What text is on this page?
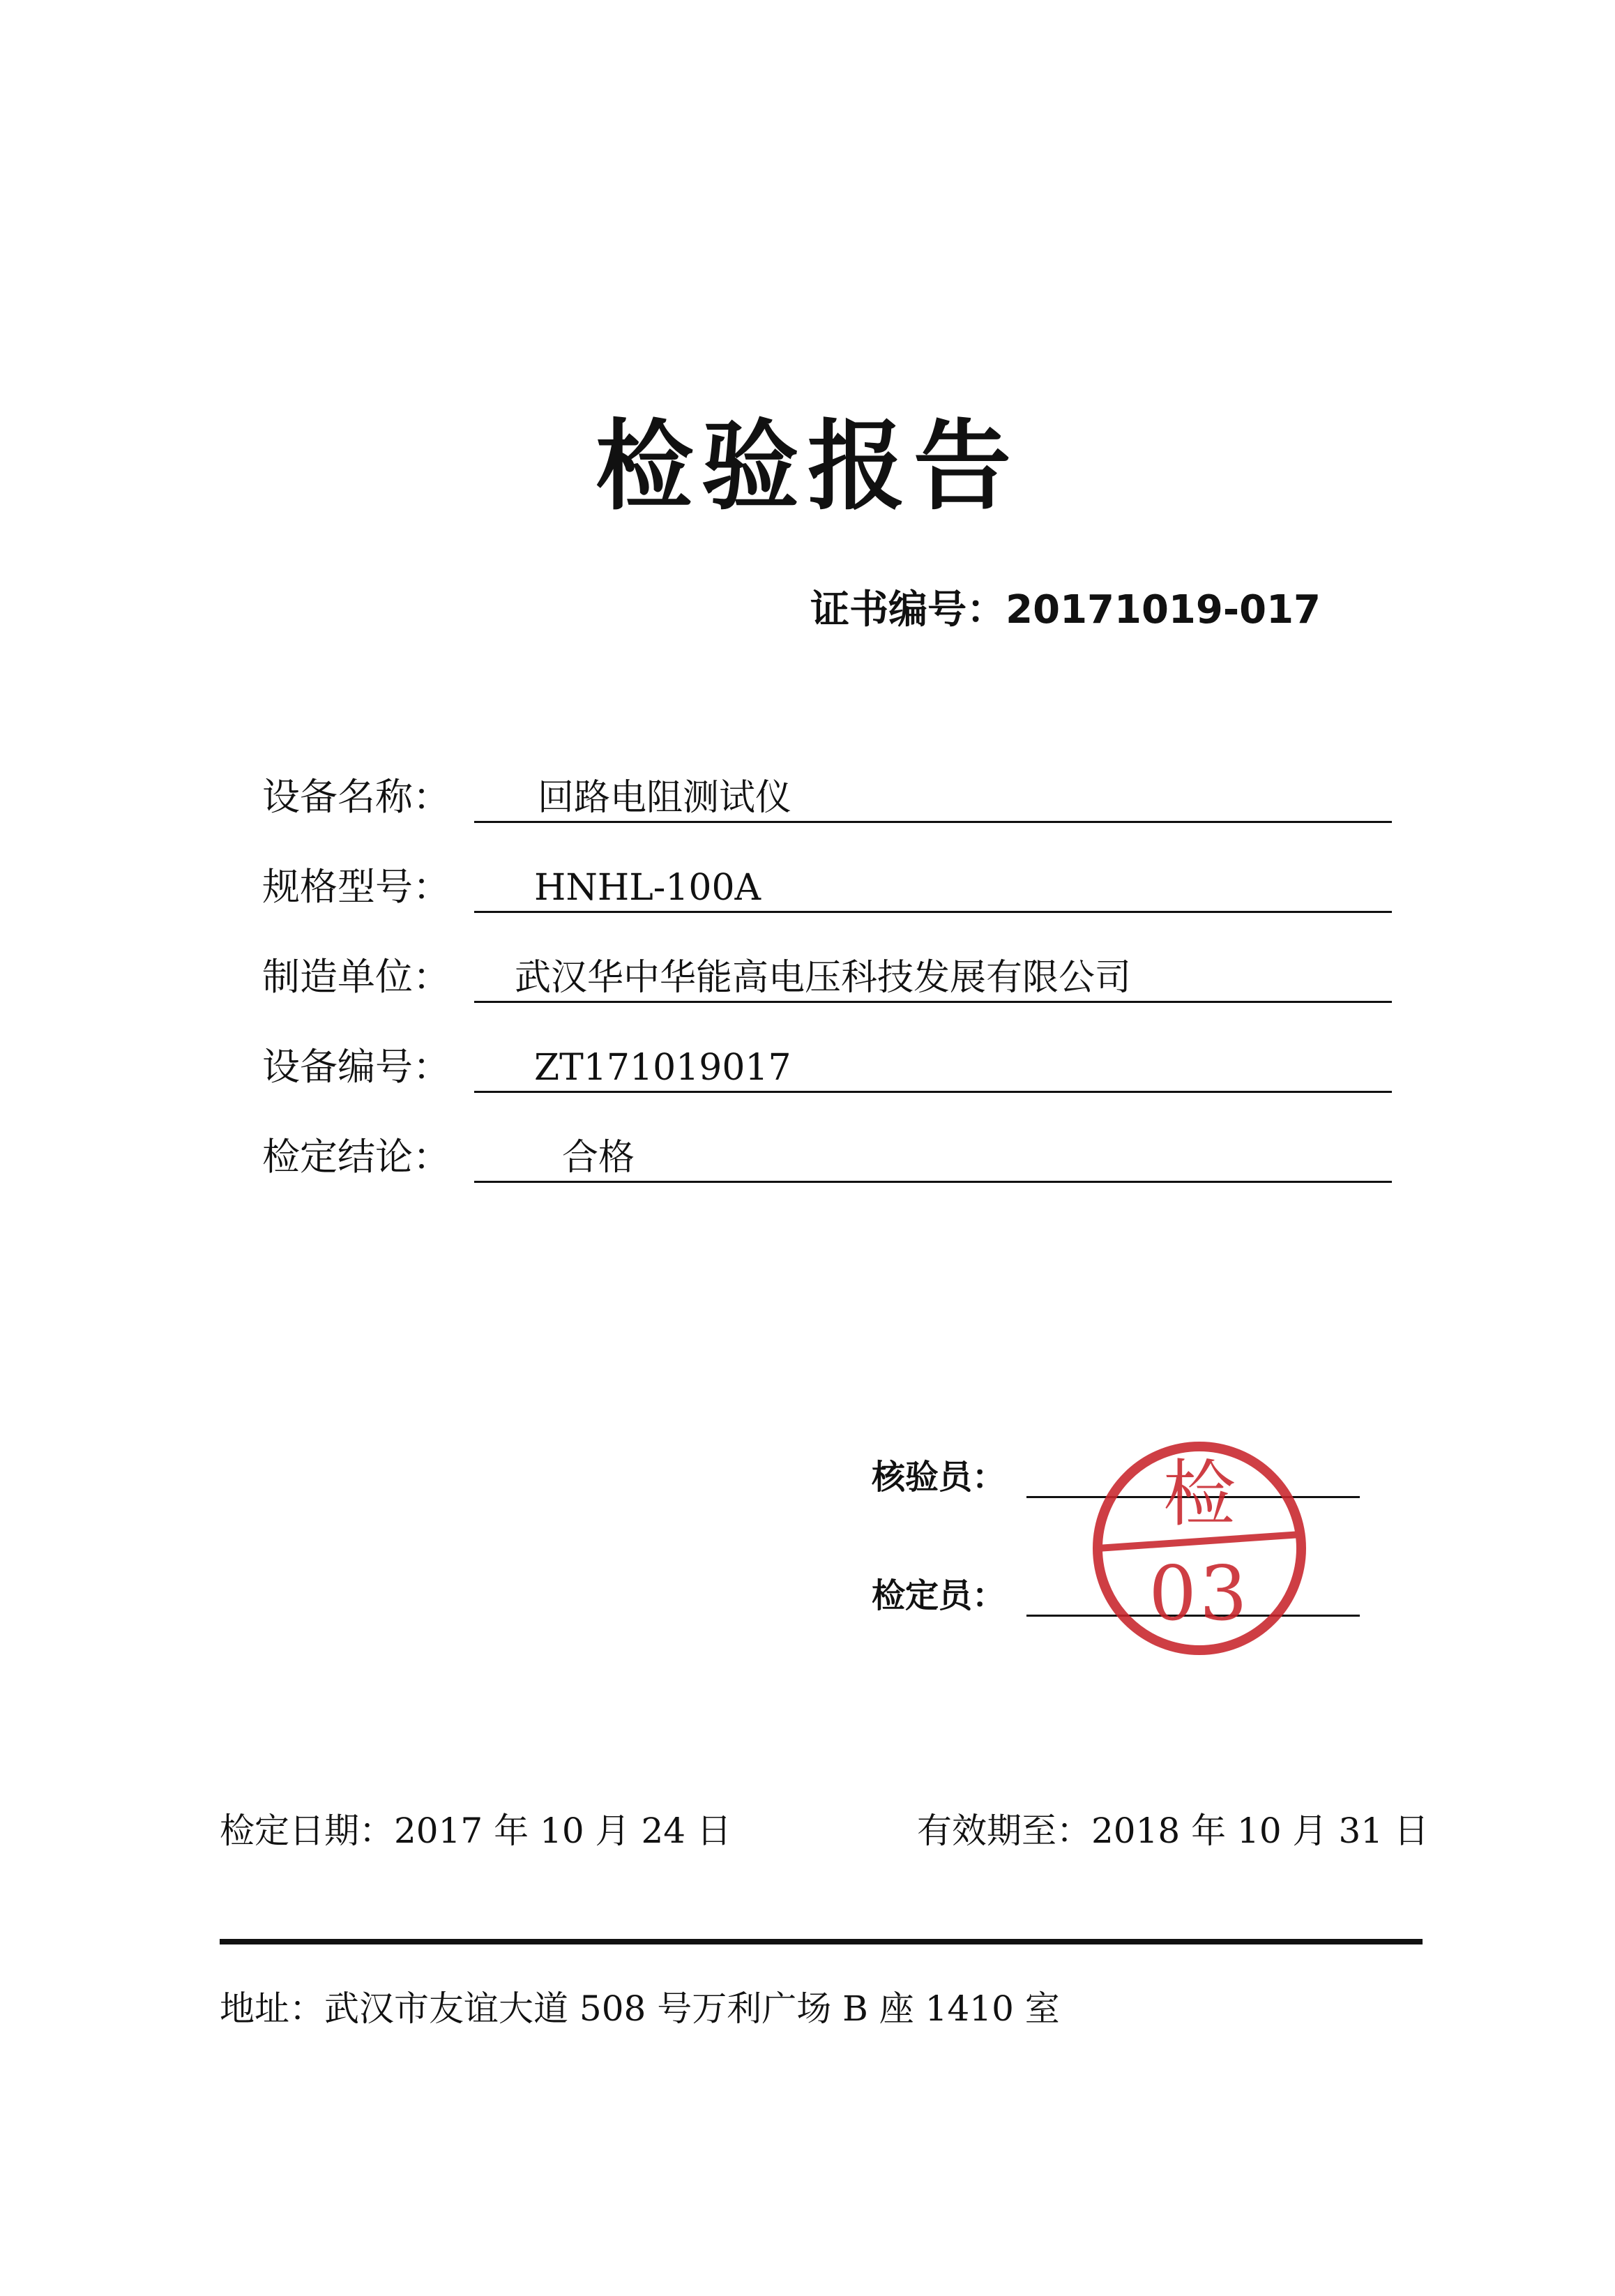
检验报告
证书编号：20171019-017
设备名称： 回路电阻测试仪
规格型号： HNHL-100A
制造单位： 武汉华中华能高电压科技发展有限公司
设备编号： ZT171019017
检定结论：	合格
核验员：
检定员：
检
03
检定日期：2017 年 10 月 24 日	有效期至：2018 年 10 月 31 日
地址：武汉市友谊大道 508 号万利广场 B 座 1410 室
